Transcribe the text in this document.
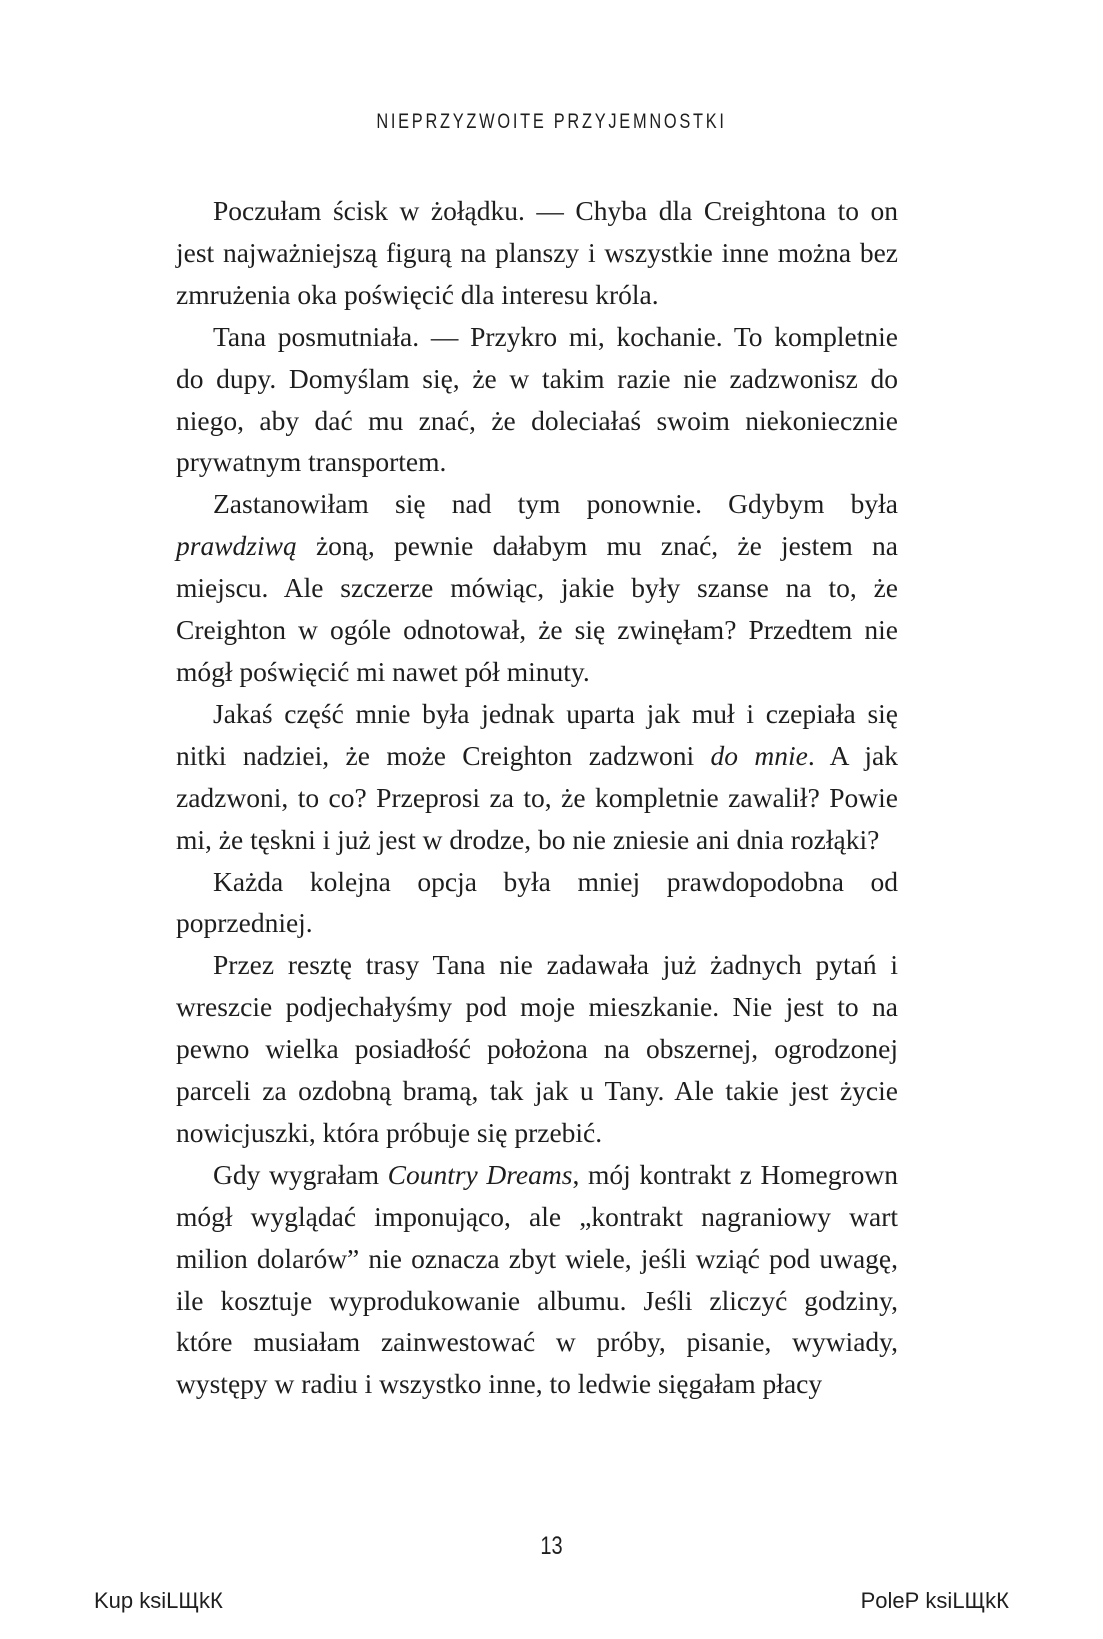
NIEPRZYZWOITE PRZYJEMNOSTKI

Poczułam ścisk w żołądku. — Chyba dla Creightona to on jest najważniejszą figurą na planszy i wszystkie inne można bez zmrużenia oka poświęcić dla interesu króla.

Tana posmutniała. — Przykro mi, kochanie. To kompletnie do dupy. Domyślam się, że w takim razie nie zadzwonisz do niego, aby dać mu znać, że doleciałaś swoim niekoniecznie prywatnym transportem.

Zastanowiłam się nad tym ponownie. Gdybym była prawdziwą żoną, pewnie dałabym mu znać, że jestem na miejscu. Ale szczerze mówiąc, jakie były szanse na to, że Creighton w ogóle odnotował, że się zwinęłam? Przedtem nie mógł poświęcić mi nawet pół minuty.

Jakaś część mnie była jednak uparta jak muł i czepiała się nitki nadziei, że może Creighton zadzwoni do mnie. A jak zadzwoni, to co? Przeprosi za to, że kompletnie zawalił? Powie mi, że tęskni i już jest w drodze, bo nie zniesie ani dnia rozłąki?

Każda kolejna opcja była mniej prawdopodobna od poprzedniej.

Przez resztę trasy Tana nie zadawała już żadnych pytań i wreszcie podjechałyśmy pod moje mieszkanie. Nie jest to na pewno wielka posiadłość położona na obszernej, ogrodzonej parceli za ozdobną bramą, tak jak u Tany. Ale takie jest życie nowicjuszki, która próbuje się przebić.

Gdy wygrałam Country Dreams, mój kontrakt z Homegrown mógł wyglądać imponująco, ale „kontrakt nagraniowy wart milion dolarów” nie oznacza zbyt wiele, jeśli wziąć pod uwagę, ile kosztuje wyprodukowanie albumu. Jeśli zliczyć godziny, które musiałam zainwestować w próby, pisanie, wywiady, występy w radiu i wszystko inne, to ledwie sięgałam płacy

13
Kup ksiLЩkК	PoleР ksiLЩkК
